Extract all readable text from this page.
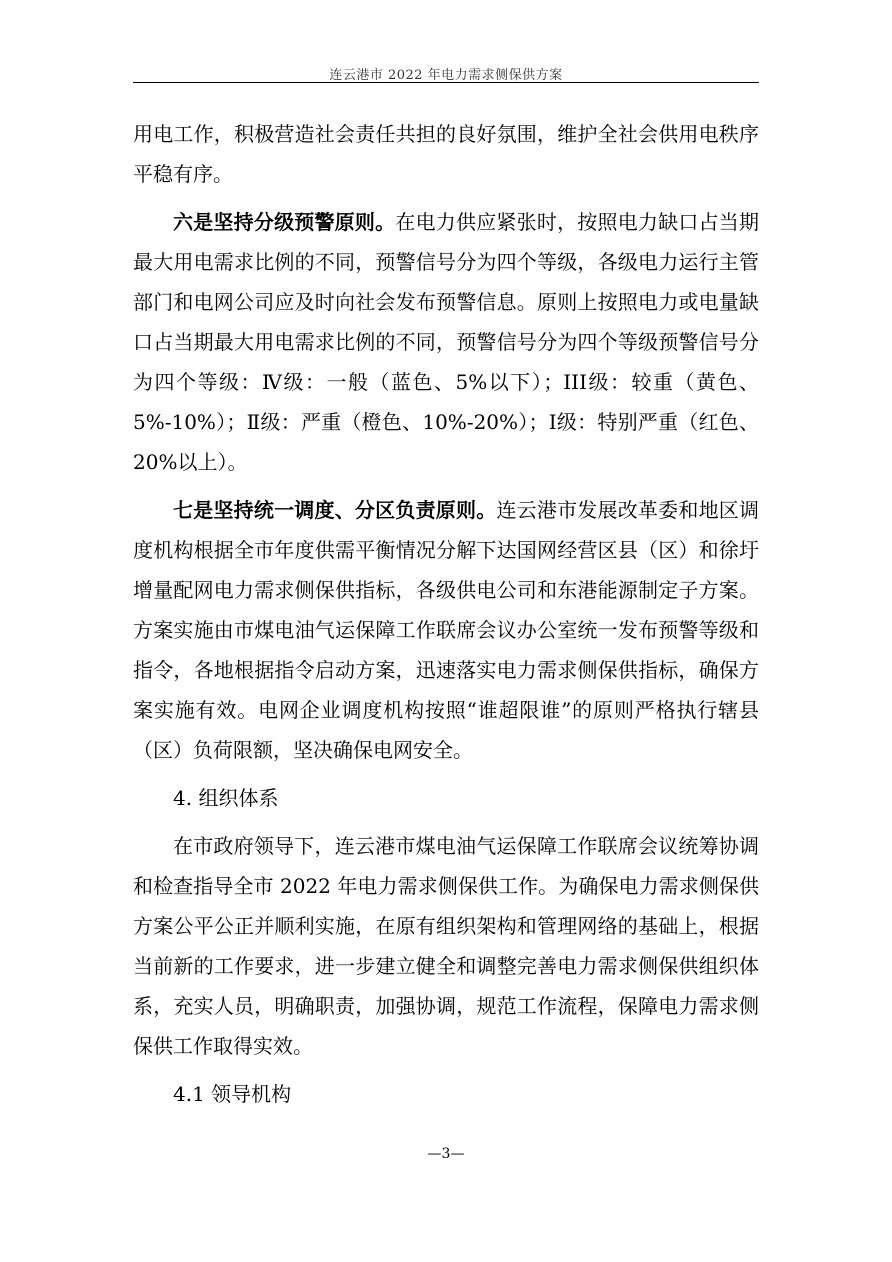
连云港市 2022 年电力需求侧保供方案

用电工作，积极营造社会责任共担的良好氛围，维护全社会供用电秩序平稳有序。

六是坚持分级预警原则。在电力供应紧张时，按照电力缺口占当期最大用电需求比例的不同，预警信号分为四个等级，各级电力运行主管部门和电网公司应及时向社会发布预警信息。原则上按照电力或电量缺口占当期最大用电需求比例的不同，预警信号分为四个等级预警信号分为四个等级：Ⅳ级：一般（蓝色、5%以下）；III级：较重（黄色、5%-10%）；Ⅱ级：严重（橙色、10%-20%）；Ⅰ级：特别严重（红色、20%以上）。

七是坚持统一调度、分区负责原则。连云港市发展改革委和地区调度机构根据全市年度供需平衡情况分解下达国网经营区县（区）和徐圩增量配网电力需求侧保供指标，各级供电公司和东港能源制定子方案。方案实施由市煤电油气运保障工作联席会议办公室统一发布预警等级和指令，各地根据指令启动方案，迅速落实电力需求侧保供指标，确保方案实施有效。电网企业调度机构按照“谁超限谁”的原则严格执行辖县（区）负荷限额，坚决确保电网安全。

4. 组织体系

在市政府领导下，连云港市煤电油气运保障工作联席会议统筹协调和检查指导全市 2022 年电力需求侧保供工作。为确保电力需求侧保供方案公平公正并顺利实施，在原有组织架构和管理网络的基础上，根据当前新的工作要求，进一步建立健全和调整完善电力需求侧保供组织体系，充实人员，明确职责，加强协调，规范工作流程，保障电力需求侧保供工作取得实效。

4.1 领导机构

—3—
